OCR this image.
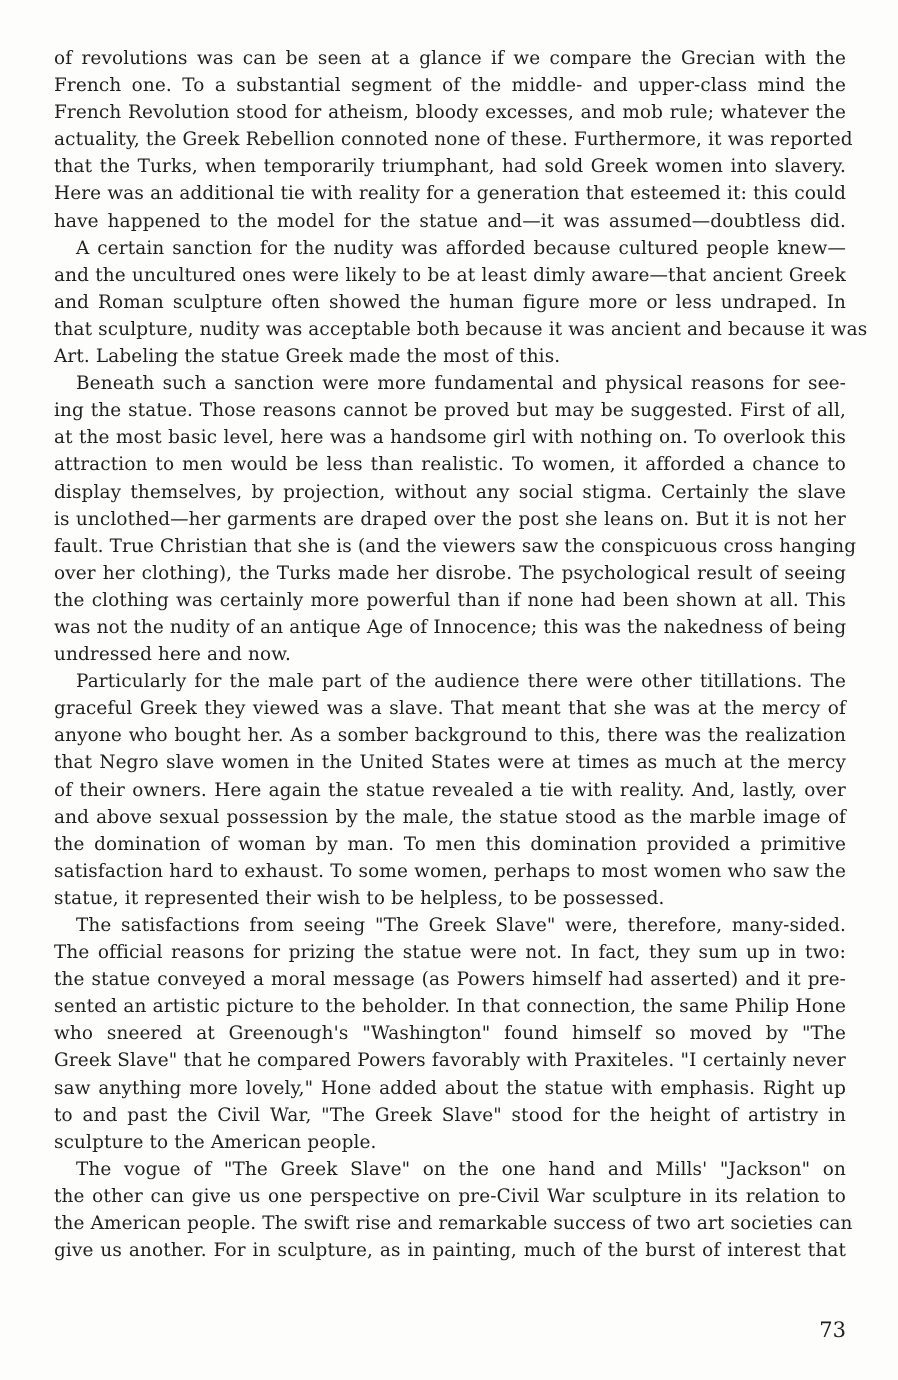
of revolutions was can be seen at a glance if we compare the Grecian with the
French one. To a substantial segment of the middle- and upper-class mind the
French Revolution stood for atheism, bloody excesses, and mob rule; whatever the
actuality, the Greek Rebellion connoted none of these. Furthermore, it was reported
that the Turks, when temporarily triumphant, had sold Greek women into slavery.
Here was an additional tie with reality for a generation that esteemed it: this could
have happened to the model for the statue and—it was assumed—doubtless did.
A certain sanction for the nudity was afforded because cultured people knew—
and the uncultured ones were likely to be at least dimly aware—that ancient Greek
and Roman sculpture often showed the human figure more or less undraped. In
that sculpture, nudity was acceptable both because it was ancient and because it was
Art. Labeling the statue Greek made the most of this.
Beneath such a sanction were more fundamental and physical reasons for see-
ing the statue. Those reasons cannot be proved but may be suggested. First of all,
at the most basic level, here was a handsome girl with nothing on. To overlook this
attraction to men would be less than realistic. To women, it afforded a chance to
display themselves, by projection, without any social stigma. Certainly the slave
is unclothed—her garments are draped over the post she leans on. But it is not her
fault. True Christian that she is (and the viewers saw the conspicuous cross hanging
over her clothing), the Turks made her disrobe. The psychological result of seeing
the clothing was certainly more powerful than if none had been shown at all. This
was not the nudity of an antique Age of Innocence; this was the nakedness of being
undressed here and now.
Particularly for the male part of the audience there were other titillations. The
graceful Greek they viewed was a slave. That meant that she was at the mercy of
anyone who bought her. As a somber background to this, there was the realization
that Negro slave women in the United States were at times as much at the mercy
of their owners. Here again the statue revealed a tie with reality. And, lastly, over
and above sexual possession by the male, the statue stood as the marble image of
the domination of woman by man. To men this domination provided a primitive
satisfaction hard to exhaust. To some women, perhaps to most women who saw the
statue, it represented their wish to be helpless, to be possessed.
The satisfactions from seeing "The Greek Slave" were, therefore, many-sided.
The official reasons for prizing the statue were not. In fact, they sum up in two:
the statue conveyed a moral message (as Powers himself had asserted) and it pre-
sented an artistic picture to the beholder. In that connection, the same Philip Hone
who sneered at Greenough's "Washington" found himself so moved by "The
Greek Slave" that he compared Powers favorably with Praxiteles. "I certainly never
saw anything more lovely," Hone added about the statue with emphasis. Right up
to and past the Civil War, "The Greek Slave" stood for the height of artistry in
sculpture to the American people.
The vogue of "The Greek Slave" on the one hand and Mills' "Jackson" on
the other can give us one perspective on pre-Civil War sculpture in its relation to
the American people. The swift rise and remarkable success of two art societies can
give us another. For in sculpture, as in painting, much of the burst of interest that
73
